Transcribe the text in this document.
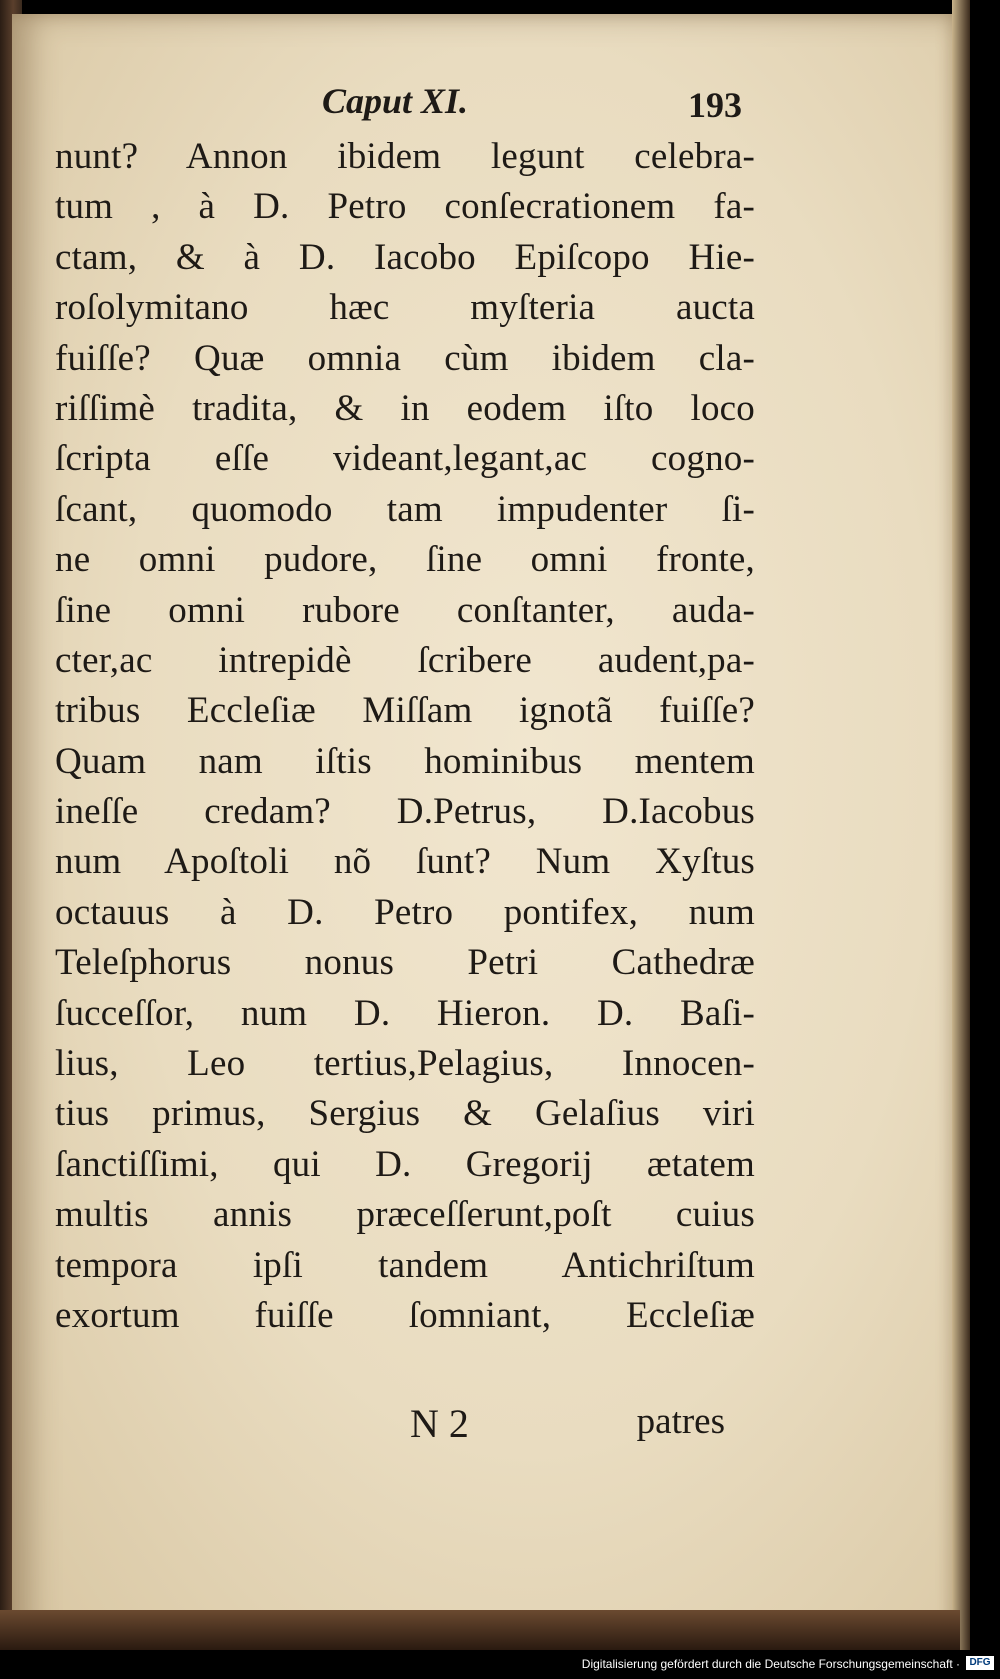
Caput XI.	193
nunt? Annon ibidem legunt celebra-
tum , à D. Petro conſecrationem fa-
ctam, & à D. Iacobo Epiſcopo Hie-
roſolymitano hæc myſteria aucta
fuiſſe? Quæ omnia cùm ibidem cla-
riſſimè tradita, & in eodem iſto loco
ſcripta eſſe videant,legant,ac cogno-
ſcant, quomodo tam impudenter ſi-
ne omni pudore, ſine omni fronte,
ſine omni rubore conſtanter, auda-
cter,ac intrepidè ſcribere audent,pa-
tribus Eccleſiæ Miſſam ignotã fuiſſe?
Quam nam iſtis hominibus mentem
ineſſe credam? D.Petrus, D.Iacobus
num Apoſtoli nõ ſunt? Num Xyſtus
octauus à D. Petro pontifex, num
Teleſphorus nonus Petri Cathedræ
ſucceſſor, num D. Hieron. D. Baſi-
lius, Leo tertius,Pelagius, Innocen-
tius primus, Sergius & Gelaſius viri
ſanctiſſimi, qui D. Gregorij ætatem
multis annis præceſſerunt,poſt cuius
tempora ipſi tandem Antichriſtum
exortum fuiſſe ſomniant, Eccleſiæ
N 2	patres
Digitalisierung gefördert durch die Deutsche Forschungsgemeinschaft · DFG
